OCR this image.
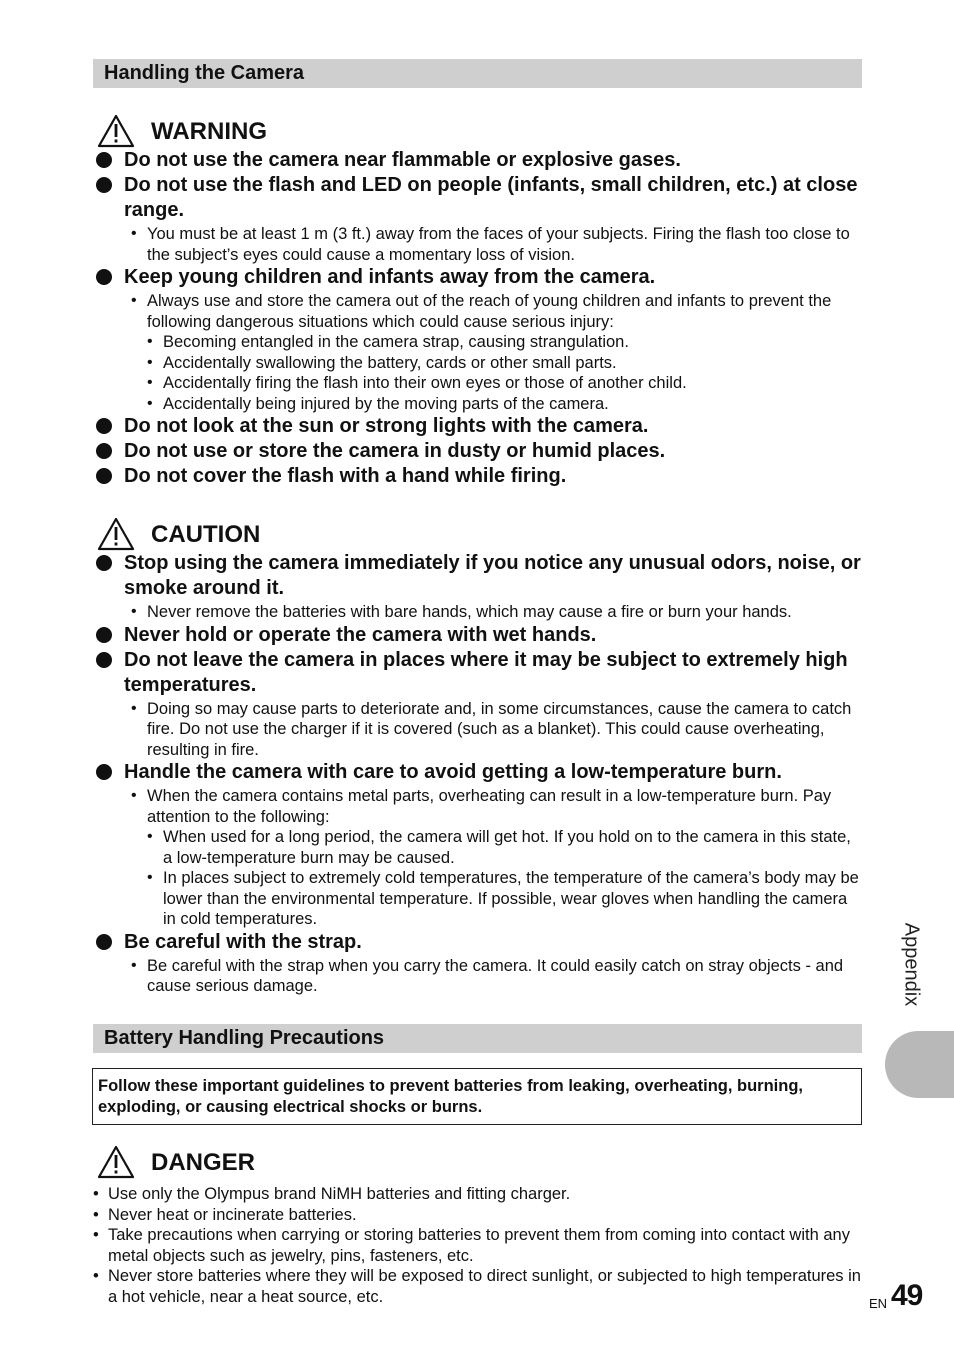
Handling the Camera
WARNING
Do not use the camera near flammable or explosive gases.
Do not use the flash and LED on people (infants, small children, etc.) at close range.
• You must be at least 1 m (3 ft.) away from the faces of your subjects. Firing the flash too close to the subject’s eyes could cause a momentary loss of vision.
Keep young children and infants away from the camera.
• Always use and store the camera out of the reach of young children and infants to prevent the following dangerous situations which could cause serious injury:
• Becoming entangled in the camera strap, causing strangulation.
• Accidentally swallowing the battery, cards or other small parts.
• Accidentally firing the flash into their own eyes or those of another child.
• Accidentally being injured by the moving parts of the camera.
Do not look at the sun or strong lights with the camera.
Do not use or store the camera in dusty or humid places.
Do not cover the flash with a hand while firing.
CAUTION
Stop using the camera immediately if you notice any unusual odors, noise, or smoke around it.
• Never remove the batteries with bare hands, which may cause a fire or burn your hands.
Never hold or operate the camera with wet hands.
Do not leave the camera in places where it may be subject to extremely high temperatures.
• Doing so may cause parts to deteriorate and, in some circumstances, cause the camera to catch fire. Do not use the charger if it is covered (such as a blanket). This could cause overheating, resulting in fire.
Handle the camera with care to avoid getting a low-temperature burn.
• When the camera contains metal parts, overheating can result in a low-temperature burn. Pay attention to the following:
• When used for a long period, the camera will get hot. If you hold on to the camera in this state, a low-temperature burn may be caused.
• In places subject to extremely cold temperatures, the temperature of the camera’s body may be lower than the environmental temperature. If possible, wear gloves when handling the camera in cold temperatures.
Be careful with the strap.
• Be careful with the strap when you carry the camera. It could easily catch on stray objects - and cause serious damage.
Battery Handling Precautions
Follow these important guidelines to prevent batteries from leaking, overheating, burning, exploding, or causing electrical shocks or burns.
DANGER
• Use only the Olympus brand NiMH batteries and fitting charger.
• Never heat or incinerate batteries.
• Take precautions when carrying or storing batteries to prevent them from coming into contact with any metal objects such as jewelry, pins, fasteners, etc.
• Never store batteries where they will be exposed to direct sunlight, or subjected to high temperatures in a hot vehicle, near a heat source, etc.
Appendix
EN 49
